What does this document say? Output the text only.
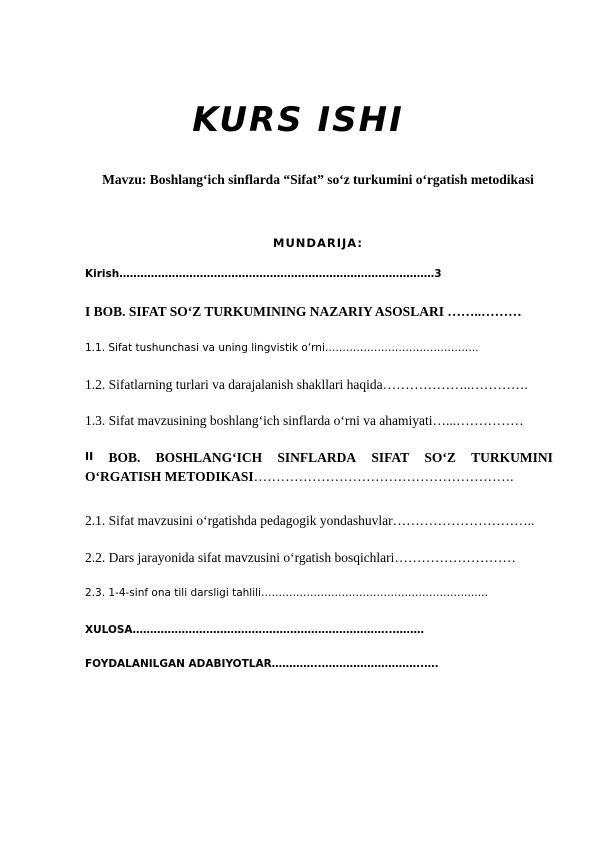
KURS ISHI
Mavzu: Boshlang‘ich sinflarda “Sifat” so‘z turkumini o‘rgatish metodikasi
MUNDARIJA:
Kirish………………………………………………………………………………3
I BOB. SIFAT SO‘Z TURKUMINING NAZARIY ASOSLARI ……..………
1.1. Sifat tushunchasi va uning lingvistik o‘rni……………………………………..
1.2. Sifatlarning turlari va darajalanish shakllari haqida………………..………….
1.3. Sifat mavzusining boshlang‘ich sinflarda o‘rni va ahamiyati…...……………
II BOB. BOSHLANG‘ICH SINFLARDA SIFAT SO‘Z TURKUMINI
O‘RGATISH METODIKASI………………………………………………….
2.1. Sifat mavzusini o‘rgatishda pedagogik yondashuvlar…………………………..
2.2. Dars jarayonida sifat mavzusini o‘rgatish bosqichlari………………………
2.3. 1-4-sinf ona tili darsligi tahlili……………………………………………………..…
XULOSA………………………………………………………………..………
FOYDALANILGAN ADABIYOTLAR…………..………………………..….
